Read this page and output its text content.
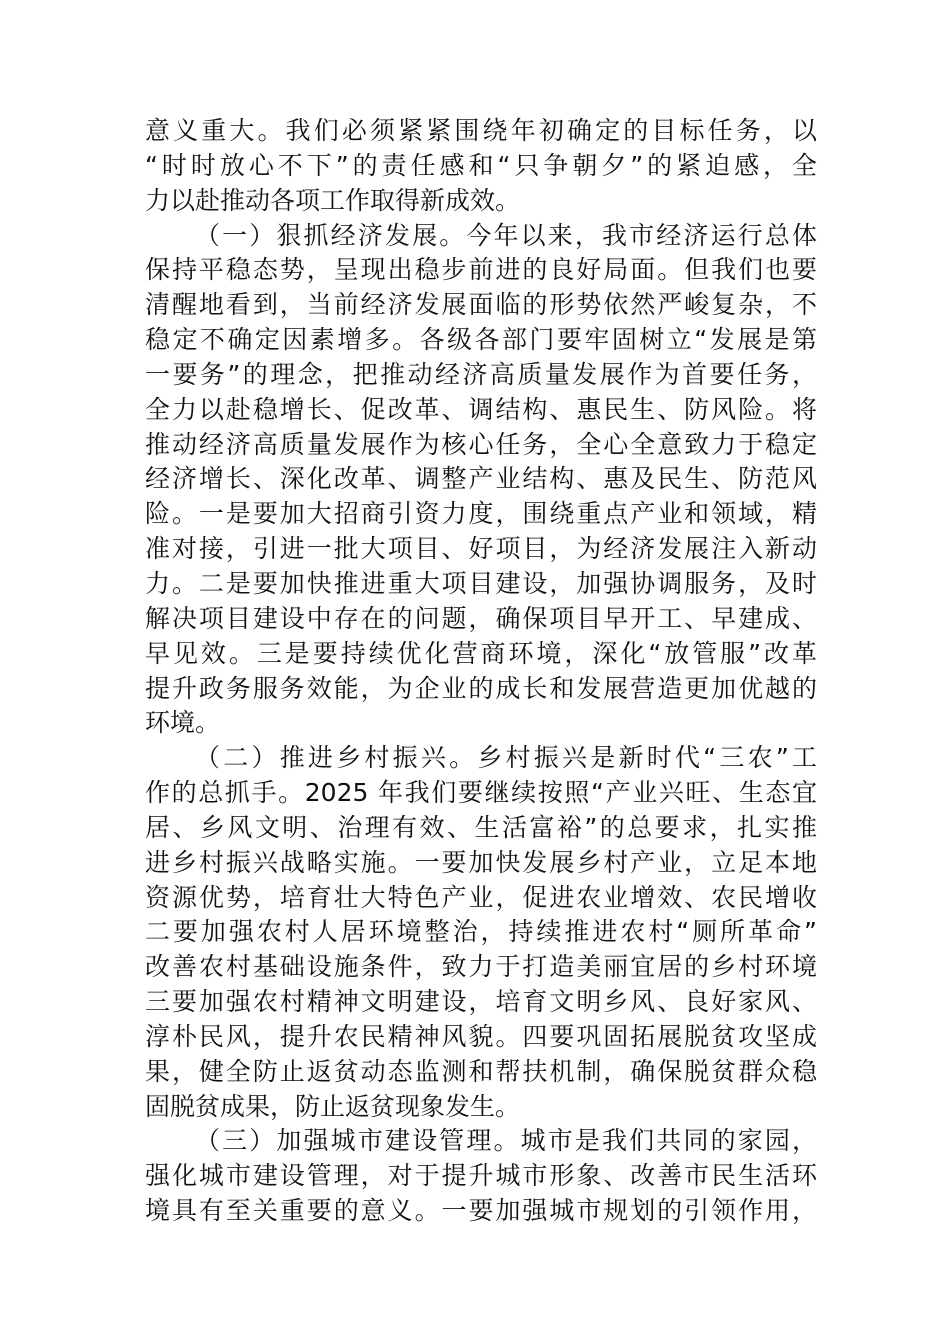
意义重大。我们必须紧紧围绕年初确定的目标任务，以
“时时放心不下”的责任感和“只争朝夕”的紧迫感，全
力以赴推动各项工作取得新成效。
（一）狠抓经济发展。今年以来，我市经济运行总体
保持平稳态势，呈现出稳步前进的良好局面。但我们也要
清醒地看到，当前经济发展面临的形势依然严峻复杂，不
稳定不确定因素增多。各级各部门要牢固树立“发展是第
一要务”的理念，把推动经济高质量发展作为首要任务，
全力以赴稳增长、促改革、调结构、惠民生、防风险。将
推动经济高质量发展作为核心任务，全心全意致力于稳定
经济增长、深化改革、调整产业结构、惠及民生、防范风
险。一是要加大招商引资力度，围绕重点产业和领域，精
准对接，引进一批大项目、好项目，为经济发展注入新动
力。二是要加快推进重大项目建设，加强协调服务，及时
解决项目建设中存在的问题，确保项目早开工、早建成、
早见效。三是要持续优化营商环境，深化“放管服”改革
提升政务服务效能，为企业的成长和发展营造更加优越的
环境。
（二）推进乡村振兴。乡村振兴是新时代“三农”工
作的总抓手。2025 年我们要继续按照“产业兴旺、生态宜
居、乡风文明、治理有效、生活富裕”的总要求，扎实推
进乡村振兴战略实施。一要加快发展乡村产业，立足本地
资源优势，培育壮大特色产业，促进农业增效、农民增收
二要加强农村人居环境整治，持续推进农村“厕所革命”
改善农村基础设施条件，致力于打造美丽宜居的乡村环境
三要加强农村精神文明建设，培育文明乡风、良好家风、
淳朴民风，提升农民精神风貌。四要巩固拓展脱贫攻坚成
果，健全防止返贫动态监测和帮扶机制，确保脱贫群众稳
固脱贫成果，防止返贫现象发生。
（三）加强城市建设管理。城市是我们共同的家园，
强化城市建设管理，对于提升城市形象、改善市民生活环
境具有至关重要的意义。一要加强城市规划的引领作用，
